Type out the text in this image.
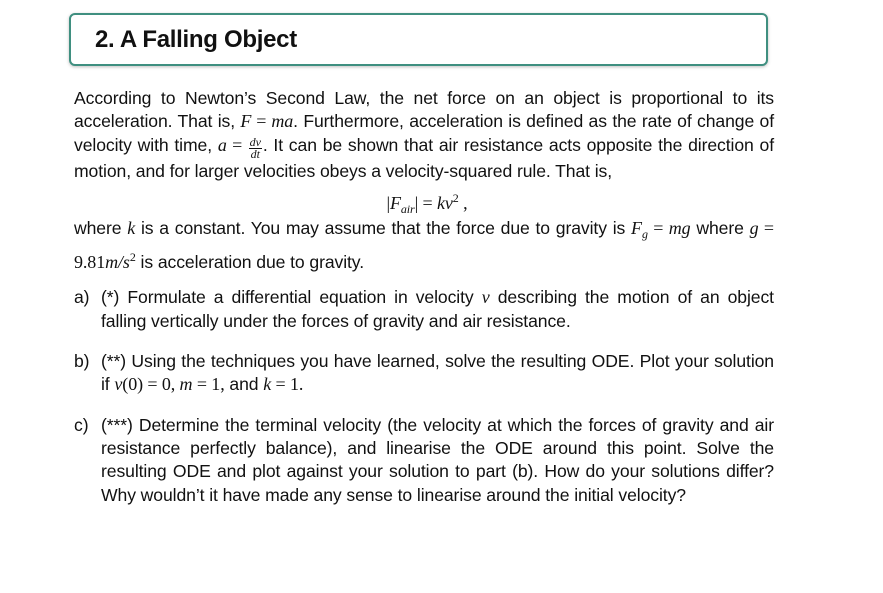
2. A Falling Object

According to Newton’s Second Law, the net force on an object is proportional to its acceleration. That is, F = ma. Furthermore, acceleration is defined as the rate of change of velocity with time, $a = \frac{dv}{dt}$ . It can be shown that air resistance acts opposite the direction of motion, and for larger velocities obeys a velocity-squared rule. That is,

$|F_{air}| = kv^2$ ,

where k is a constant. You may assume that the force due to gravity is $F_g$ = mg where $g = 9.81m/s^2$ is acceleration due to gravity.

a) (*) Formulate a differential equation in velocity v describing the motion of an object falling vertically under the forces of gravity and air resistance.
b) (**) Using the techniques you have learned, solve the resulting ODE. Plot your solution if v(0) = 0, m = 1, and k = 1.
c) (***) Determine the terminal velocity (the velocity at which the forces of gravity and air resistance perfectly balance), and linearise the ODE around this point. Solve the resulting ODE and plot against your solution to part (b). How do your solutions differ? Why wouldn’t it have made any sense to linearise around the initial velocity?
